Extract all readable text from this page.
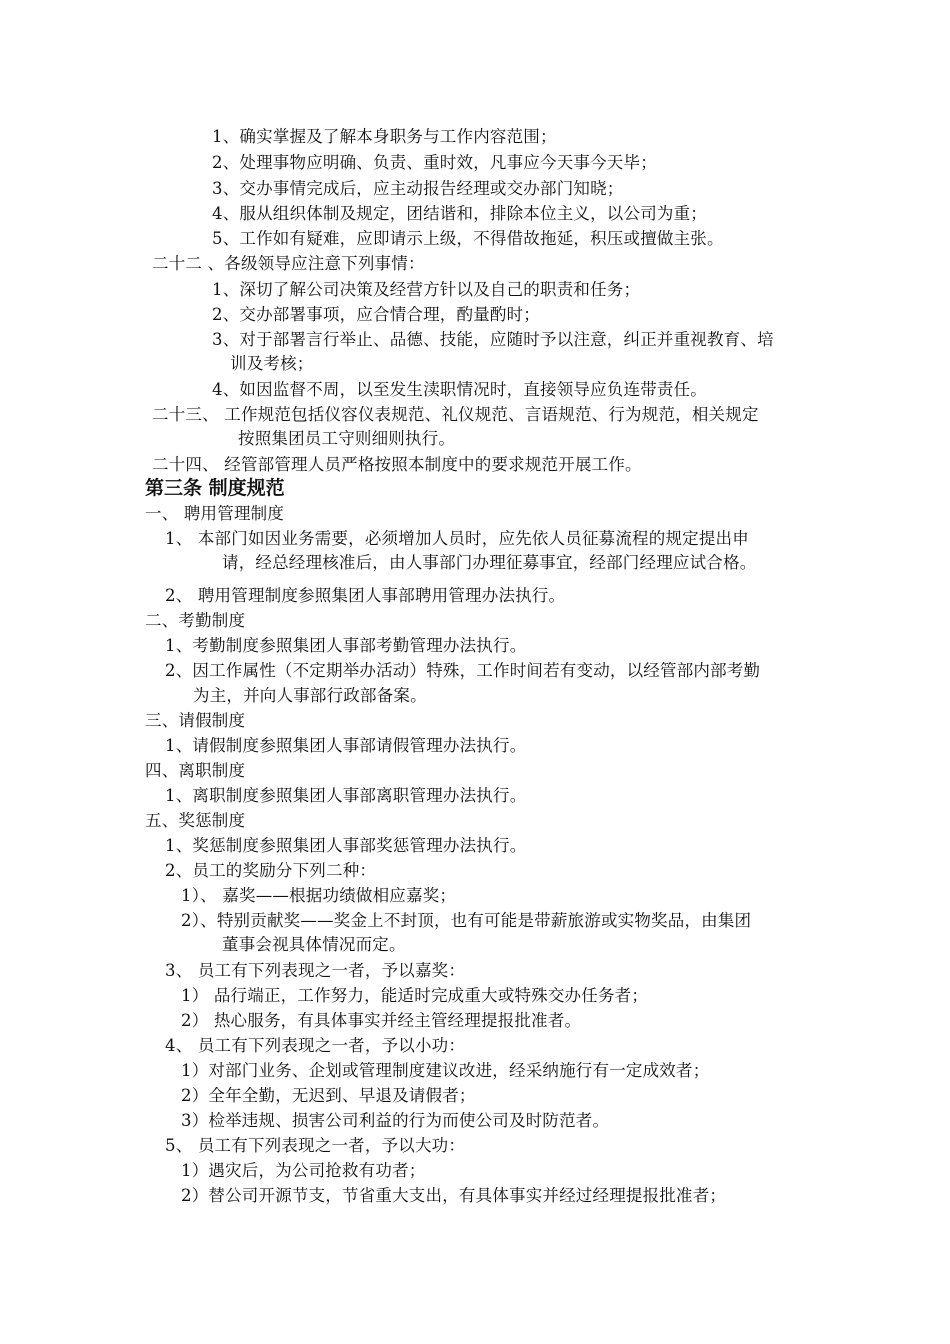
1、确实掌握及了解本身职务与工作内容范围；
2、处理事物应明确、负责、重时效，凡事应今天事今天毕；
3、交办事情完成后，应主动报告经理或交办部门知晓；
4、服从组织体制及规定，团结谐和，排除本位主义，以公司为重；
5、工作如有疑难，应即请示上级，不得借故拖延，积压或擅做主张。
二十二 、各级领导应注意下列事情：
1、深切了解公司决策及经营方针以及自己的职责和任务；
2、交办部署事项，应合情合理，酌量酌时；
3、对于部署言行举止、品德、技能，应随时予以注意，纠正并重视教育、培
训及考核；
4、如因监督不周，以至发生渎职情况时，直接领导应负连带责任。
二十三、 工作规范包括仪容仪表规范、礼仪规范、言语规范、行为规范，相关规定
按照集团员工守则细则执行。
二十四、 经管部管理人员严格按照本制度中的要求规范开展工作。
第三条 制度规范
一、 聘用管理制度
1、 本部门如因业务需要，必须增加人员时，应先依人员征募流程的规定提出申
请，经总经理核准后，由人事部门办理征募事宜，经部门经理应试合格。
2、 聘用管理制度参照集团人事部聘用管理办法执行。
二、考勤制度
1、考勤制度参照集团人事部考勤管理办法执行。
2、因工作属性（不定期举办活动）特殊，工作时间若有变动，以经管部内部考勤
为主，并向人事部行政部备案。
三、请假制度
1、请假制度参照集团人事部请假管理办法执行。
四、离职制度
1、离职制度参照集团人事部离职管理办法执行。
五、奖惩制度
1、奖惩制度参照集团人事部奖惩管理办法执行。
2、员工的奖励分下列二种：
1）、 嘉奖——根据功绩做相应嘉奖；
2）、特别贡献奖——奖金上不封顶，也有可能是带薪旅游或实物奖品，由集团
董事会视具体情况而定。
3、 员工有下列表现之一者，予以嘉奖：
1） 品行端正，工作努力，能适时完成重大或特殊交办任务者；
2） 热心服务，有具体事实并经主管经理提报批准者。
4、 员工有下列表现之一者，予以小功：
1）对部门业务、企划或管理制度建议改进，经采纳施行有一定成效者；
2）全年全勤，无迟到、早退及请假者；
3）检举违规、损害公司利益的行为而使公司及时防范者。
5、 员工有下列表现之一者，予以大功：
1）遇灾后，为公司抢救有功者；
2）替公司开源节支，节省重大支出，有具体事实并经过经理提报批准者；
